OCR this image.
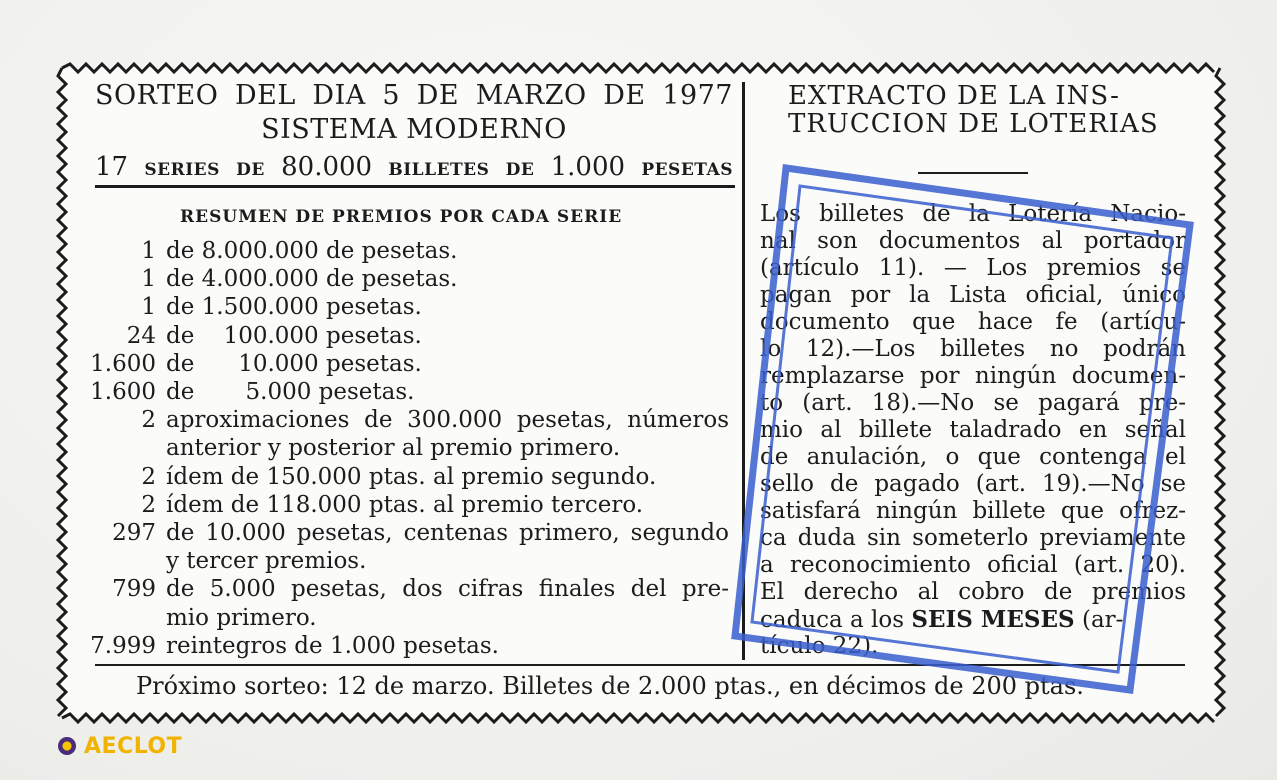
SORTEO DEL DIA 5 DE MARZO DE 1977
SISTEMA MODERNO
17 SERIES DE 80.000 BILLETES DE 1.000 PESETAS
RESUMEN DE PREMIOS POR CADA SERIE
1 de 8.000.000 de pesetas.
1 de 4.000.000 de pesetas.
1 de 1.500.000 pesetas.
24 de    100.000 pesetas.
1.600 de      10.000 pesetas.
1.600 de       5.000 pesetas.
2 aproximaciones de 300.000 pesetas, números
anterior y posterior al premio primero.
2 ídem de 150.000 ptas. al premio segundo.
2 ídem de 118.000 ptas. al premio tercero.
297 de 10.000 pesetas, centenas primero, segundo
y tercer premios.
799 de 5.000 pesetas, dos cifras finales del pre-
mio primero.
7.999 reintegros de 1.000 pesetas.
EXTRACTO DE LA INS-
TRUCCION DE LOTERIAS
Los billetes de la Lotería Nacio-
nal son documentos al portador
(artículo 11). — Los premios se
pagan por la Lista oficial, único
documento que hace fe (artícu-
lo 12).—Los billetes no podrán
remplazarse por ningún documen-
to (art. 18).—No se pagará pre-
mio al billete taladrado en señal
de anulación, o que contenga el
sello de pagado (art. 19).—No se
satisfará ningún billete que ofrez-
ca duda sin someterlo previamente
a reconocimiento oficial (art. 20).
El derecho al cobro de premios
caduca a los SEIS MESES (ar-
tículo 22).
Próximo sorteo: 12 de marzo. Billetes de 2.000 ptas., en décimos de 200 ptas.
AECLOT
